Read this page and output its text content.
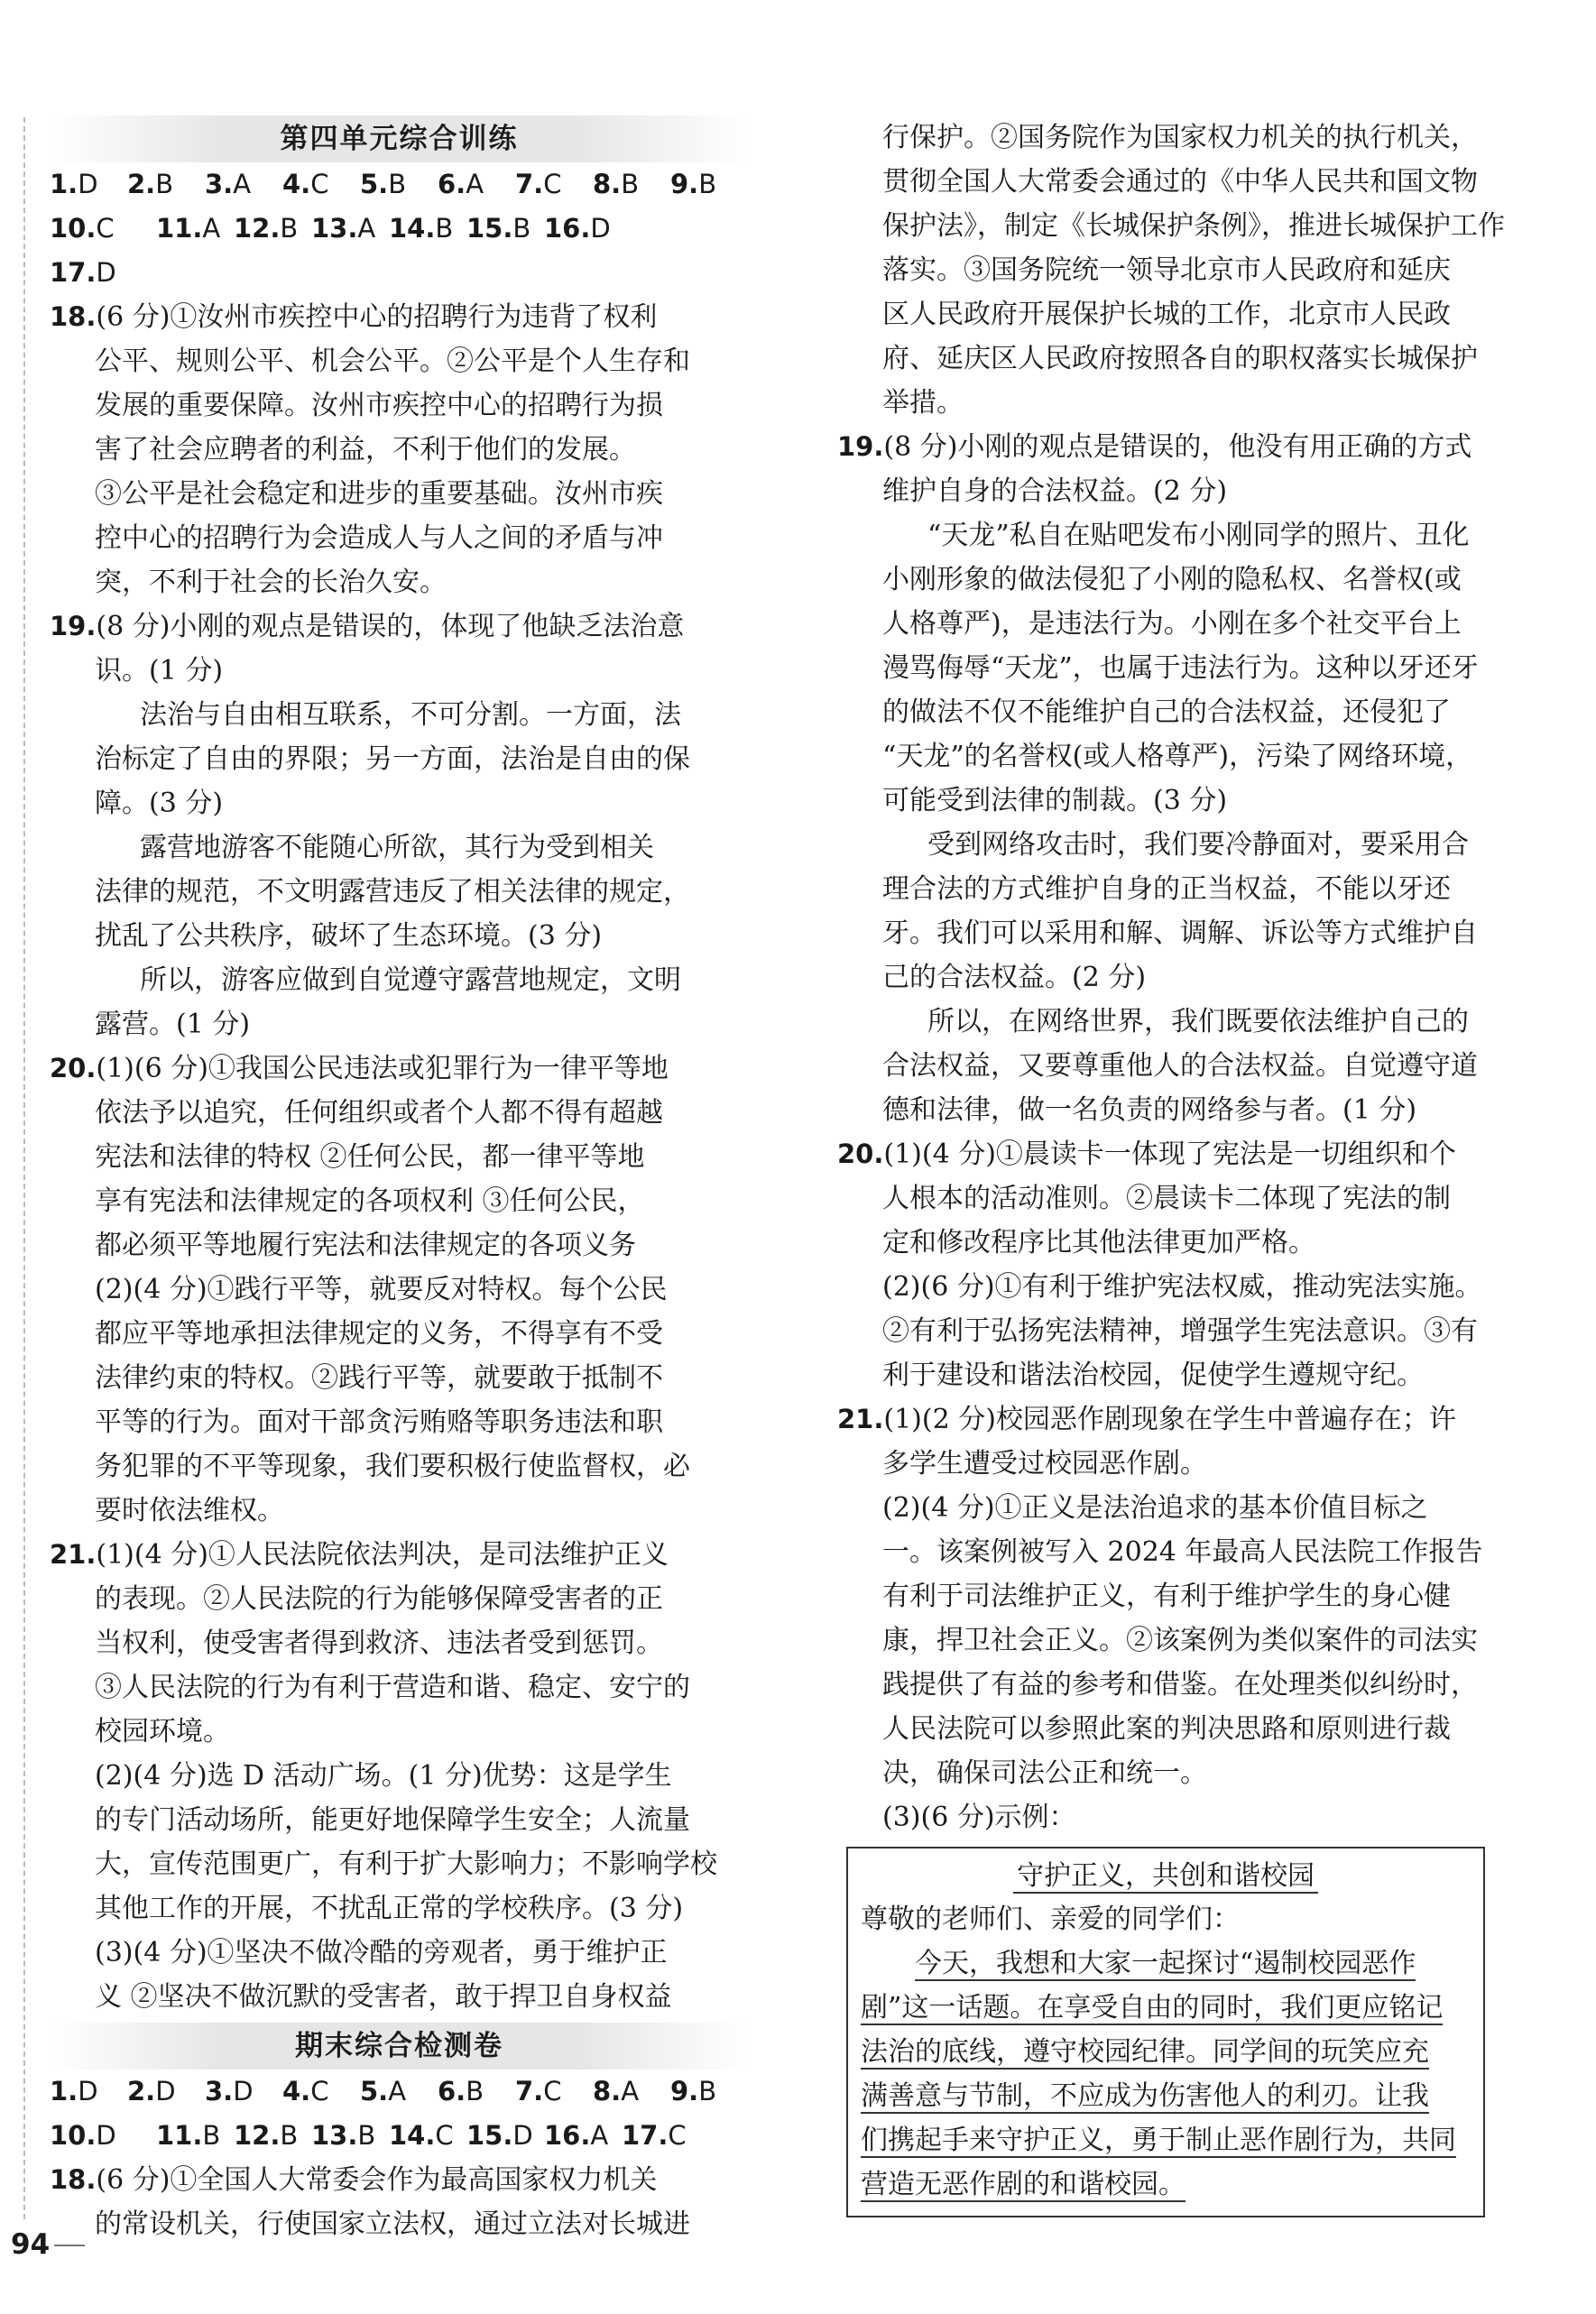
第四单元综合训练
1.D 2.B 3.A 4.C 5.B 6.A 7.C 8.B 9.B
10.C 11.A 12.B 13.A 14.B 15.B 16.D
17.D
18.(6 分)①汝州市疾控中心的招聘行为违背了权利
公平、规则公平、机会公平。②公平是个人生存和
发展的重要保障。汝州市疾控中心的招聘行为损
害了社会应聘者的利益，不利于他们的发展。
③公平是社会稳定和进步的重要基础。汝州市疾
控中心的招聘行为会造成人与人之间的矛盾与冲
突，不利于社会的长治久安。
19.(8 分)小刚的观点是错误的，体现了他缺乏法治意
识。(1 分)
法治与自由相互联系，不可分割。一方面，法
治标定了自由的界限；另一方面，法治是自由的保
障。(3 分)
露营地游客不能随心所欲，其行为受到相关
法律的规范，不文明露营违反了相关法律的规定，
扰乱了公共秩序，破坏了生态环境。(3 分)
所以，游客应做到自觉遵守露营地规定，文明
露营。(1 分)
20.(1)(6 分)①我国公民违法或犯罪行为一律平等地
依法予以追究，任何组织或者个人都不得有超越
宪法和法律的特权 ②任何公民，都一律平等地
享有宪法和法律规定的各项权利 ③任何公民，
都必须平等地履行宪法和法律规定的各项义务
(2)(4 分)①践行平等，就要反对特权。每个公民
都应平等地承担法律规定的义务，不得享有不受
法律约束的特权。②践行平等，就要敢于抵制不
平等的行为。面对干部贪污贿赂等职务违法和职
务犯罪的不平等现象，我们要积极行使监督权，必
要时依法维权。
21.(1)(4 分)①人民法院依法判决，是司法维护正义
的表现。②人民法院的行为能够保障受害者的正
当权利，使受害者得到救济、违法者受到惩罚。
③人民法院的行为有利于营造和谐、稳定、安宁的
校园环境。
(2)(4 分)选 D 活动广场。(1 分)优势：这是学生
的专门活动场所，能更好地保障学生安全；人流量
大，宣传范围更广，有利于扩大影响力；不影响学校
其他工作的开展，不扰乱正常的学校秩序。(3 分)
(3)(4 分)①坚决不做冷酷的旁观者，勇于维护正
义 ②坚决不做沉默的受害者，敢于捍卫自身权益
期末综合检测卷
1.D 2.D 3.D 4.C 5.A 6.B 7.C 8.A 9.B
10.D 11.B 12.B 13.B 14.C 15.D 16.A 17.C
18.(6 分)①全国人大常委会作为最高国家权力机关
的常设机关，行使国家立法权，通过立法对长城进
行保护。②国务院作为国家权力机关的执行机关，
贯彻全国人大常委会通过的《中华人民共和国文物
保护法》，制定《长城保护条例》，推进长城保护工作
落实。③国务院统一领导北京市人民政府和延庆
区人民政府开展保护长城的工作，北京市人民政
府、延庆区人民政府按照各自的职权落实长城保护
举措。
19.(8 分)小刚的观点是错误的，他没有用正确的方式
维护自身的合法权益。(2 分)
“天龙”私自在贴吧发布小刚同学的照片、丑化
小刚形象的做法侵犯了小刚的隐私权、名誉权(或
人格尊严)，是违法行为。小刚在多个社交平台上
漫骂侮辱“天龙”，也属于违法行为。这种以牙还牙
的做法不仅不能维护自己的合法权益，还侵犯了
“天龙”的名誉权(或人格尊严)，污染了网络环境，
可能受到法律的制裁。(3 分)
受到网络攻击时，我们要冷静面对，要采用合
理合法的方式维护自身的正当权益，不能以牙还
牙。我们可以采用和解、调解、诉讼等方式维护自
己的合法权益。(2 分)
所以，在网络世界，我们既要依法维护自己的
合法权益，又要尊重他人的合法权益。自觉遵守道
德和法律，做一名负责的网络参与者。(1 分)
20.(1)(4 分)①晨读卡一体现了宪法是一切组织和个
人根本的活动准则。②晨读卡二体现了宪法的制
定和修改程序比其他法律更加严格。
(2)(6 分)①有利于维护宪法权威，推动宪法实施。
②有利于弘扬宪法精神，增强学生宪法意识。③有
利于建设和谐法治校园，促使学生遵规守纪。
21.(1)(2 分)校园恶作剧现象在学生中普遍存在；许
多学生遭受过校园恶作剧。
(2)(4 分)①正义是法治追求的基本价值目标之
一。该案例被写入 2024 年最高人民法院工作报告
有利于司法维护正义，有利于维护学生的身心健
康，捍卫社会正义。②该案例为类似案件的司法实
践提供了有益的参考和借鉴。在处理类似纠纷时，
人民法院可以参照此案的判决思路和原则进行裁
决，确保司法公正和统一。
(3)(6 分)示例：
守护正义，共创和谐校园
尊敬的老师们、亲爱的同学们：
今天，我想和大家一起探讨“遏制校园恶作
剧”这一话题。在享受自由的同时，我们更应铭记
法治的底线，遵守校园纪律。同学间的玩笑应充
满善意与节制，不应成为伤害他人的利刃。让我
们携起手来守护正义，勇于制止恶作剧行为，共同
营造无恶作剧的和谐校园。
94
